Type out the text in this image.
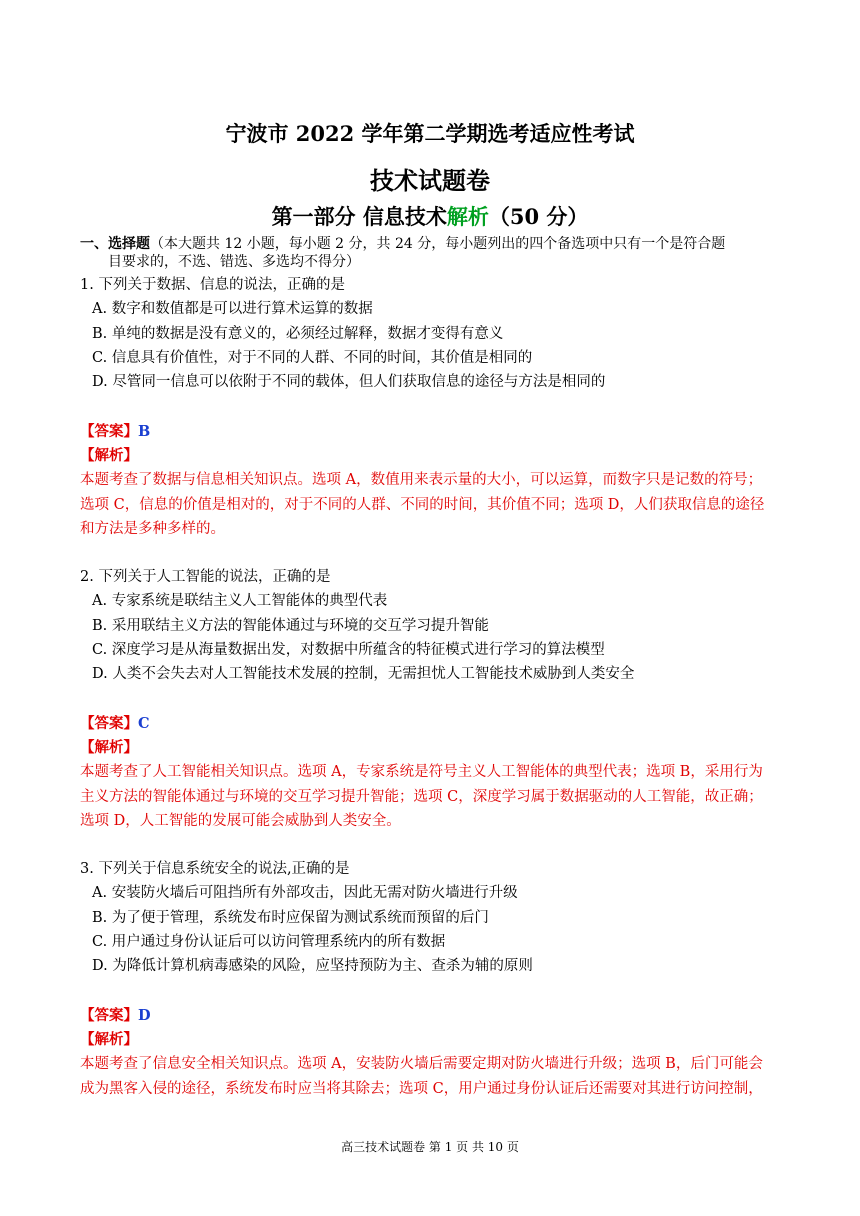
宁波市 2022 学年第二学期选考适应性考试
技术试题卷
第一部分 信息技术解析（50 分）
一、选择题（本大题共 12 小题，每小题 2 分，共 24 分，每小题列出的四个备选项中只有一个是符合题
目要求的，不选、错选、多选均不得分）
1. 下列关于数据、信息的说法，正确的是
A. 数字和数值都是可以进行算术运算的数据
B. 单纯的数据是没有意义的，必须经过解释，数据才变得有意义
C. 信息具有价值性，对于不同的人群、不同的时间，其价值是相同的
D. 尽管同一信息可以依附于不同的载体，但人们获取信息的途径与方法是相同的
【答案】B
【解析】
本题考查了数据与信息相关知识点。选项 A，数值用来表示量的大小，可以运算，而数字只是记数的符号；
选项 C，信息的价值是相对的，对于不同的人群、不同的时间，其价值不同；选项 D，人们获取信息的途径
和方法是多种多样的。
2. 下列关于人工智能的说法，正确的是
A. 专家系统是联结主义人工智能体的典型代表
B. 采用联结主义方法的智能体通过与环境的交互学习提升智能
C. 深度学习是从海量数据出发，对数据中所蕴含的特征模式进行学习的算法模型
D. 人类不会失去对人工智能技术发展的控制，无需担忧人工智能技术威胁到人类安全
【答案】C
【解析】
本题考查了人工智能相关知识点。选项 A，专家系统是符号主义人工智能体的典型代表；选项 B，采用行为
主义方法的智能体通过与环境的交互学习提升智能；选项 C，深度学习属于数据驱动的人工智能，故正确；
选项 D，人工智能的发展可能会威胁到人类安全。
3. 下列关于信息系统安全的说法,正确的是
A. 安装防火墙后可阻挡所有外部攻击，因此无需对防火墙进行升级
B. 为了便于管理，系统发布时应保留为测试系统而预留的后门
C. 用户通过身份认证后可以访问管理系统内的所有数据
D. 为降低计算机病毒感染的风险，应坚持预防为主、查杀为辅的原则
【答案】D
【解析】
本题考查了信息安全相关知识点。选项 A，安装防火墙后需要定期对防火墙进行升级；选项 B，后门可能会
成为黑客入侵的途径，系统发布时应当将其除去；选项 C，用户通过身份认证后还需要对其进行访问控制，
高三技术试题卷 第 1 页 共 10 页
